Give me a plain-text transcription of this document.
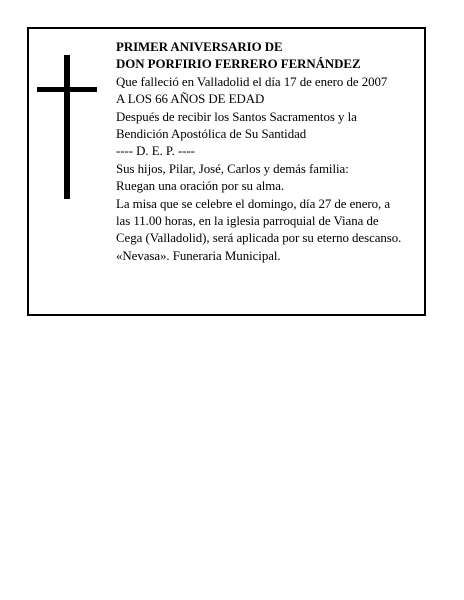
PRIMER ANIVERSARIO DE
DON PORFIRIO FERRERO FERNÁNDEZ
Que falleció en Valladolid el día 17 de enero de 2007
A LOS 66 AÑOS DE EDAD
Después de recibir los Santos Sacramentos y la
Bendición Apostólica de Su Santidad
---- D. E. P. ----
Sus hijos, Pilar, José, Carlos y demás familia:
Ruegan una oración por su alma.
La misa que se celebre el domingo, día 27 de enero, a
las 11.00 horas, en la iglesia parroquial de Viana de
Cega (Valladolid), será aplicada por su eterno descanso.
«Nevasa». Funeraria Municipal.
